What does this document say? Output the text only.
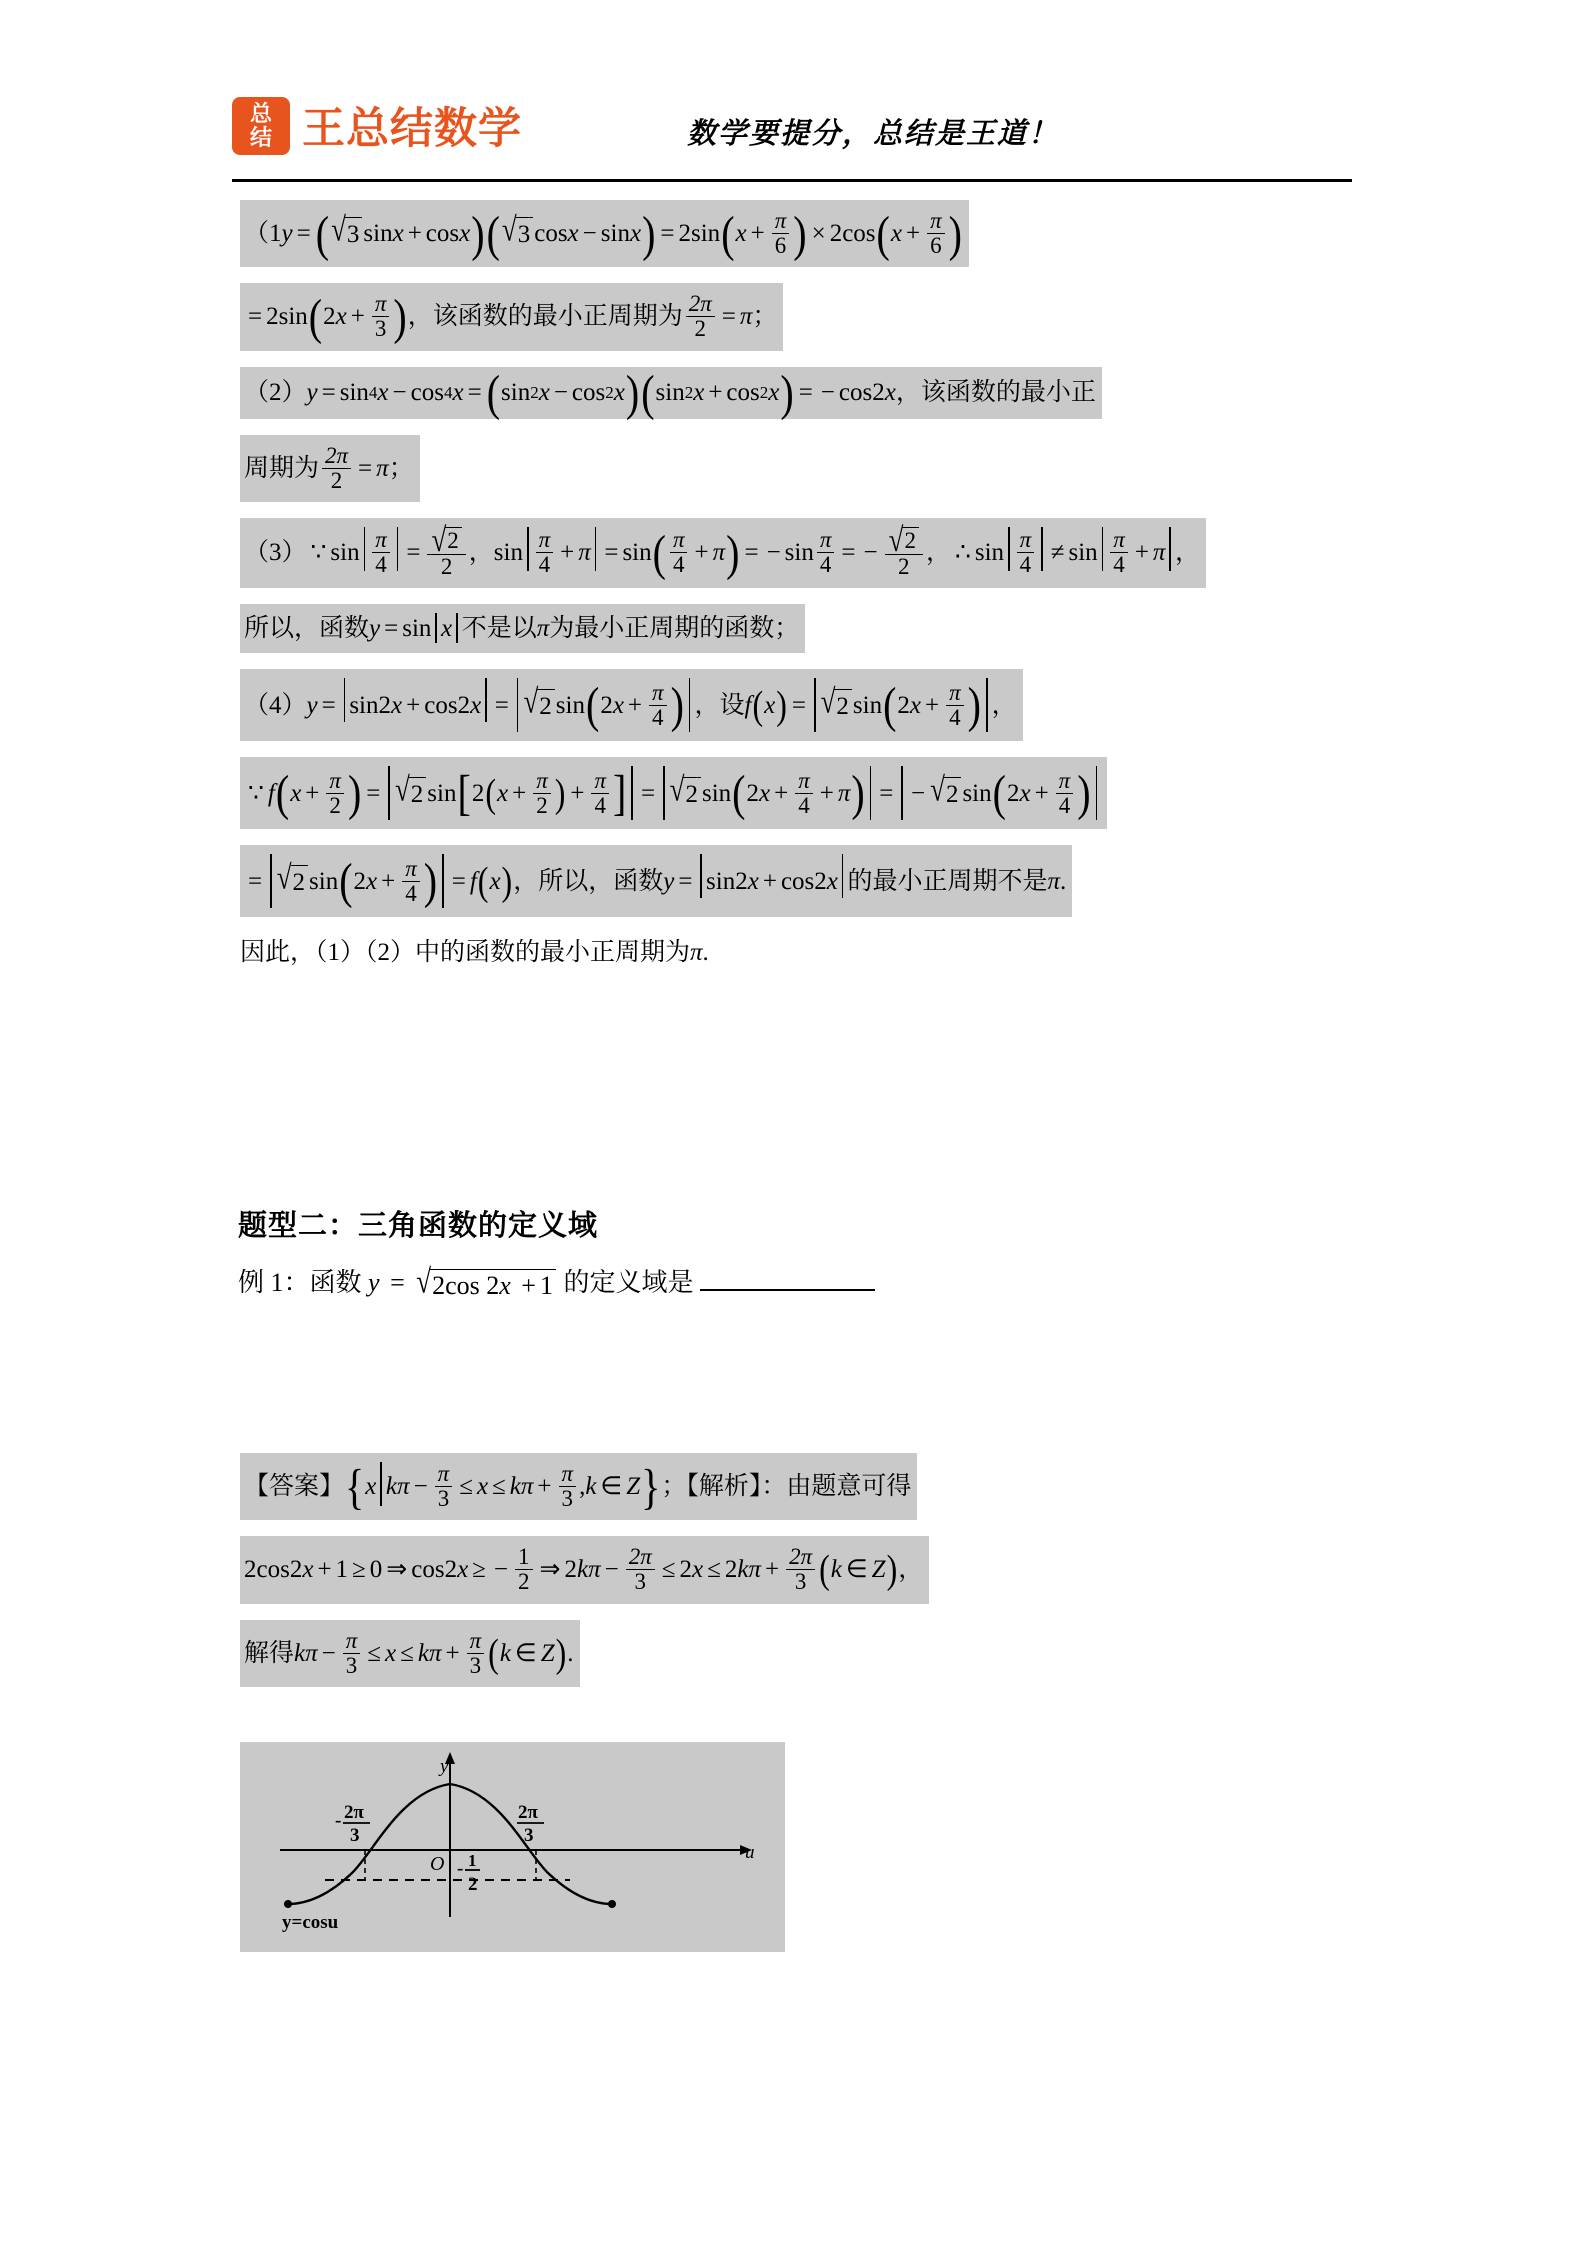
总
结 王总结数学	数学要提分，总结是王道！
（1 y = ( √ 3 sin x + cos x ) ( √ 3 cos x − sin x ) = 2 sin ( $x + \frac{\pi}{6}$ ) × 2 cos ( $x + \frac{\pi}{6}$ )
= 2 sin ( 2 $x + \frac{\pi}{3}$ ) ，该函数的最小正周期为 $\frac{2\pi}{2} = \pi$ ；
（2） y = sin 4 x − cos 4 x = ( sin 2 x − cos 2 x ) ( sin 2 x + cos 2 x ) = − cos 2 x ，该函数的最小正
周期为 $\frac{2\pi}{2} = \pi$ ；
（3） ∵ $\sin \frac{\pi}{4} = \frac{√ 2}{2}$ ， $\sin \frac{\pi}{4} + \pi = \sin$ ( $\frac{\pi}{4} + \pi$ ) = − $\sin \frac{\pi}{4}$ = − $\frac{√ 2}{2}$ ， ∴ $\sin \frac{\pi}{4} \ne \sin \frac{\pi}{4} + \pi$ ，
所以，函数 y = sin x 不是以 π 为最小正周期的函数；
（4） y = sin 2 x + cos 2 x = √ 2 sin ( 2 $x + \frac{\pi}{4}$ ) ，设 f ( x ) = √ 2 sin ( 2 $x + \frac{\pi}{4}$ ) ，
∵ f ( $x + \frac{\pi}{2}$ ) = √ 2 sin [ 2 ( $x + \frac{\pi}{2}$ ) + $\frac{\pi}{4}$ ] = √ 2 sin ( 2 $x + \frac{\pi}{4} + \pi$ ) = − √ 2 sin ( 2 $x + \frac{\pi}{4}$ )
= √ 2 sin ( 2 $x + \frac{\pi}{4}$ ) = f ( x ) ，所以，函数 y = sin 2 x + cos 2 x 的最小正周期不是 π .
因此，（1）（2）中的函数的最小正周期为π.
题型二：三角函数的定义域
例 1：函数 y = √ 2cos 2x + 1 的定义域是
【答案】 { x k $\pi - \frac{\pi}{3} \le x \le k$ $\pi + \frac{\pi}{3}$ , k ∈ Z } ；【解析】： 由题意可得
2 cos 2 x + 1 ≥ 0 ⇒ cos 2 x ≥ − $\frac{1}{2}$ ⇒ 2 k $\pi - \frac{2\pi}{3} \le 2$ x ≤ 2 k $\pi + \frac{2\pi}{3}$ ( k ∈ Z ) ，
解得 k $\pi - \frac{\pi}{3} \le x \le k$ $\pi + \frac{\pi}{3}$ ( k ∈ Z ) .
- 2π
3
2π
3
O - 1
2
y
u
y=cosu
